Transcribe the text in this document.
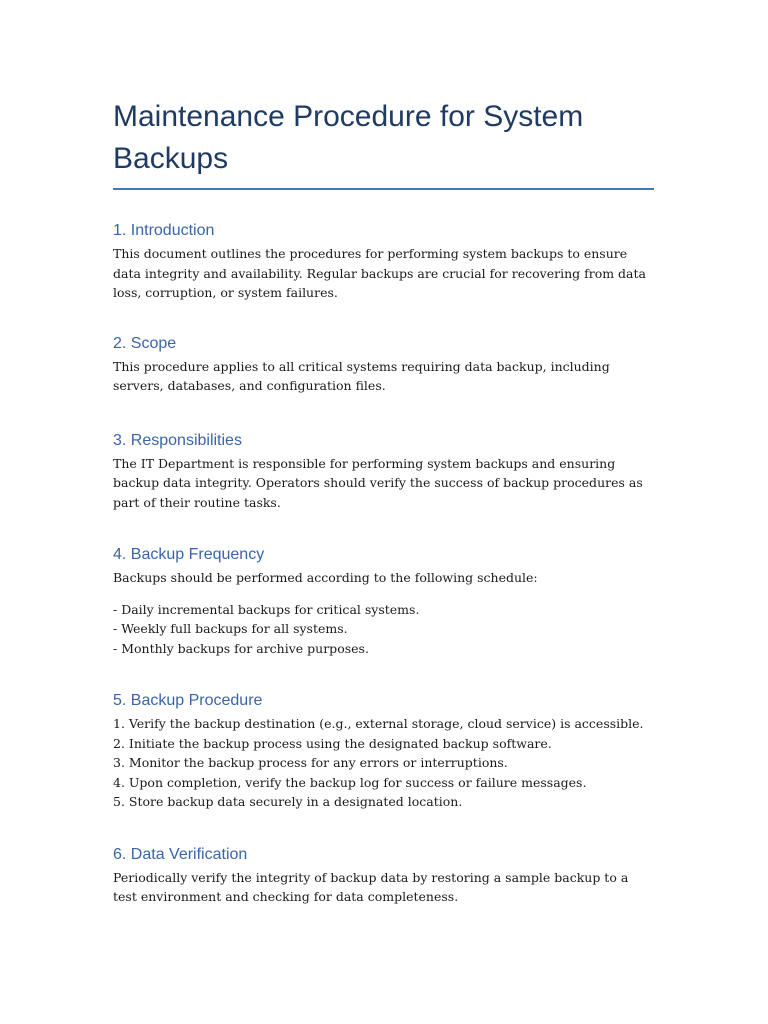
Maintenance Procedure for System Backups
1. Introduction

This document outlines the procedures for performing system backups to ensure data integrity and availability. Regular backups are crucial for recovering from data loss, corruption, or system failures.

2. Scope

This procedure applies to all critical systems requiring data backup, including servers, databases, and configuration files.

3. Responsibilities

The IT Department is responsible for performing system backups and ensuring backup data integrity. Operators should verify the success of backup procedures as part of their routine tasks.

4. Backup Frequency

Backups should be performed according to the following schedule:

- Daily incremental backups for critical systems.
- Weekly full backups for all systems.
- Monthly backups for archive purposes.

5. Backup Procedure

1. Verify the backup destination (e.g., external storage, cloud service) is accessible.
2. Initiate the backup process using the designated backup software.
3. Monitor the backup process for any errors or interruptions.
4. Upon completion, verify the backup log for success or failure messages.
5. Store backup data securely in a designated location.

6. Data Verification

Periodically verify the integrity of backup data by restoring a sample backup to a test environment and checking for data completeness.
